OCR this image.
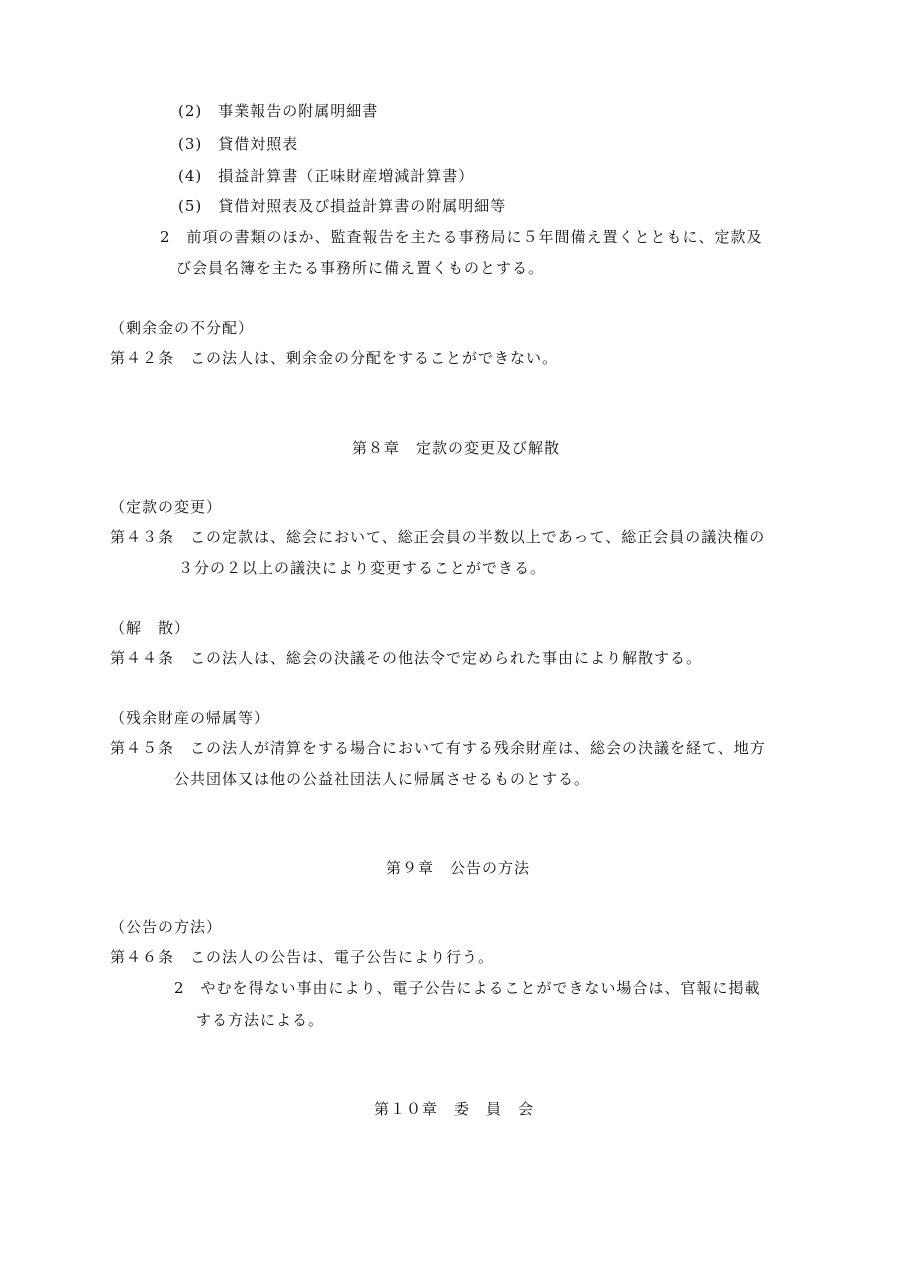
(2)　事業報告の附属明細書
(3)　貸借対照表
(4)　損益計算書（正味財産増減計算書）
(5)　貸借対照表及び損益計算書の附属明細等
2　前項の書類のほか、監査報告を主たる事務局に５年間備え置くとともに、定款及
び会員名簿を主たる事務所に備え置くものとする。
（剰余金の不分配）
第４２条　この法人は、剰余金の分配をすることができない。
第８章　定款の変更及び解散
（定款の変更）
第４３条　この定款は、総会において、総正会員の半数以上であって、総正会員の議決権の
３分の２以上の議決により変更することができる。
（解　散）
第４４条　この法人は、総会の決議その他法令で定められた事由により解散する。
（残余財産の帰属等）
第４５条　この法人が清算をする場合において有する残余財産は、総会の決議を経て、地方
公共団体又は他の公益社団法人に帰属させるものとする。
第９章　公告の方法
（公告の方法）
第４６条　この法人の公告は、電子公告により行う。
2　やむを得ない事由により、電子公告によることができない場合は、官報に掲載
する方法による。
第１０章　委　員　会
